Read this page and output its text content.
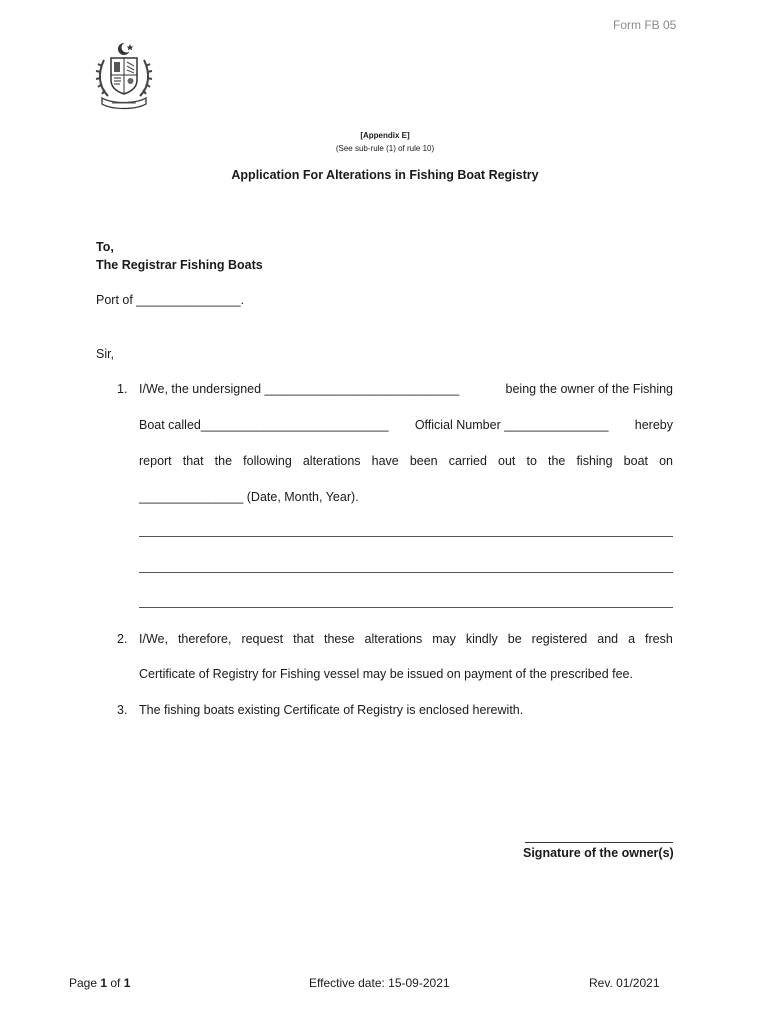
Form FB 05
[Appendix E]
(See sub-rule (1) of rule 10)
Application For Alterations in Fishing Boat Registry
To,
The Registrar Fishing Boats
Port of _______________.
Sir,
1. I/We, the undersigned ____________________________	being the owner of the Fishing
Boat called___________________________ Official Number _______________ hereby
report that the following alterations have been carried out to the fishing boat on
_______________ (Date, Month, Year).
2. I/We, therefore, request that these alterations may kindly be registered and a fresh
Certificate of Registry for Fishing vessel may be issued on payment of the prescribed fee.
3. The fishing boats existing Certificate of Registry is enclosed herewith.
Signature of the owner(s)
Page 1 of 1	Effective date: 15-09-2021	Rev. 01/2021
